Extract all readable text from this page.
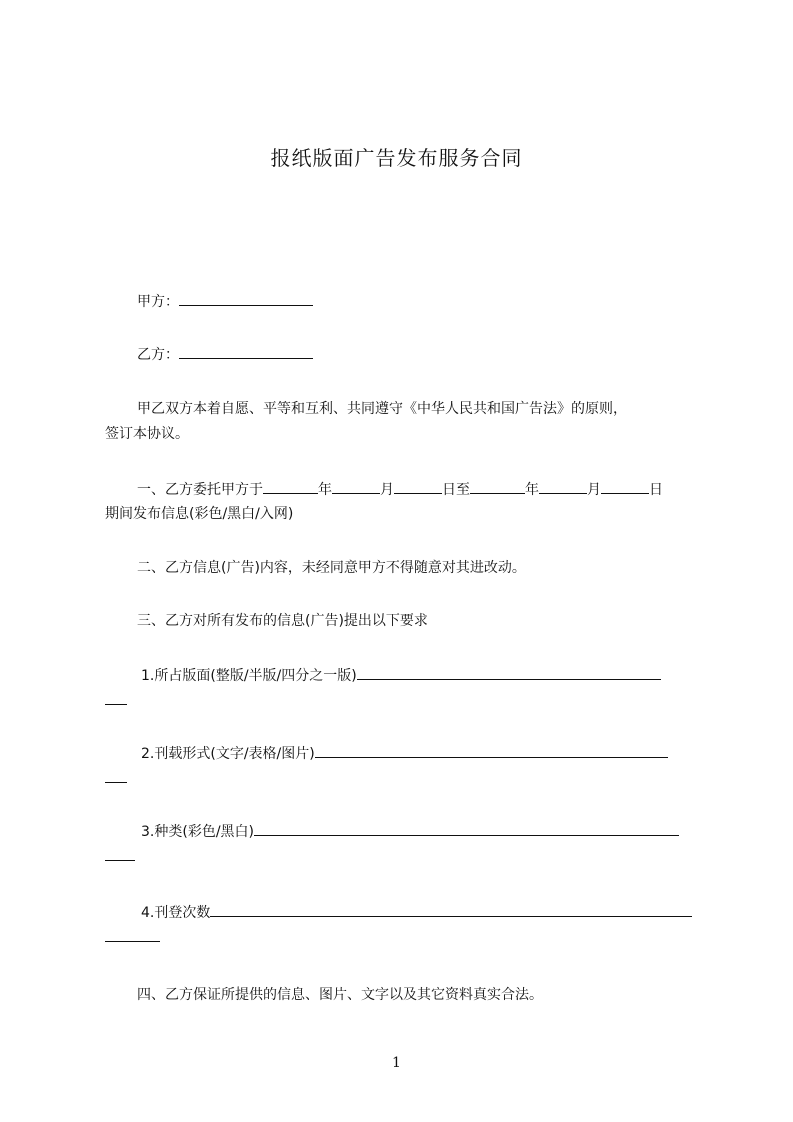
报纸版面广告发布服务合同
甲方：
乙方：
甲乙双方本着自愿、平等和互利、共同遵守《中华人民共和国广告法》的原则，
签订本协议。
一、乙方委托甲方于	年	月	日至	年	月	日
期间发布信息(彩色/黑白/入网)
二、乙方信息(广告)内容，未经同意甲方不得随意对其进改动。
三、乙方对所有发布的信息(广告)提出以下要求
1.所占版面(整版/半版/四分之一版)
2.刊载形式(文字/表格/图片)
3.种类(彩色/黑白)
4.刊登次数
四、乙方保证所提供的信息、图片、文字以及其它资料真实合法。
1
